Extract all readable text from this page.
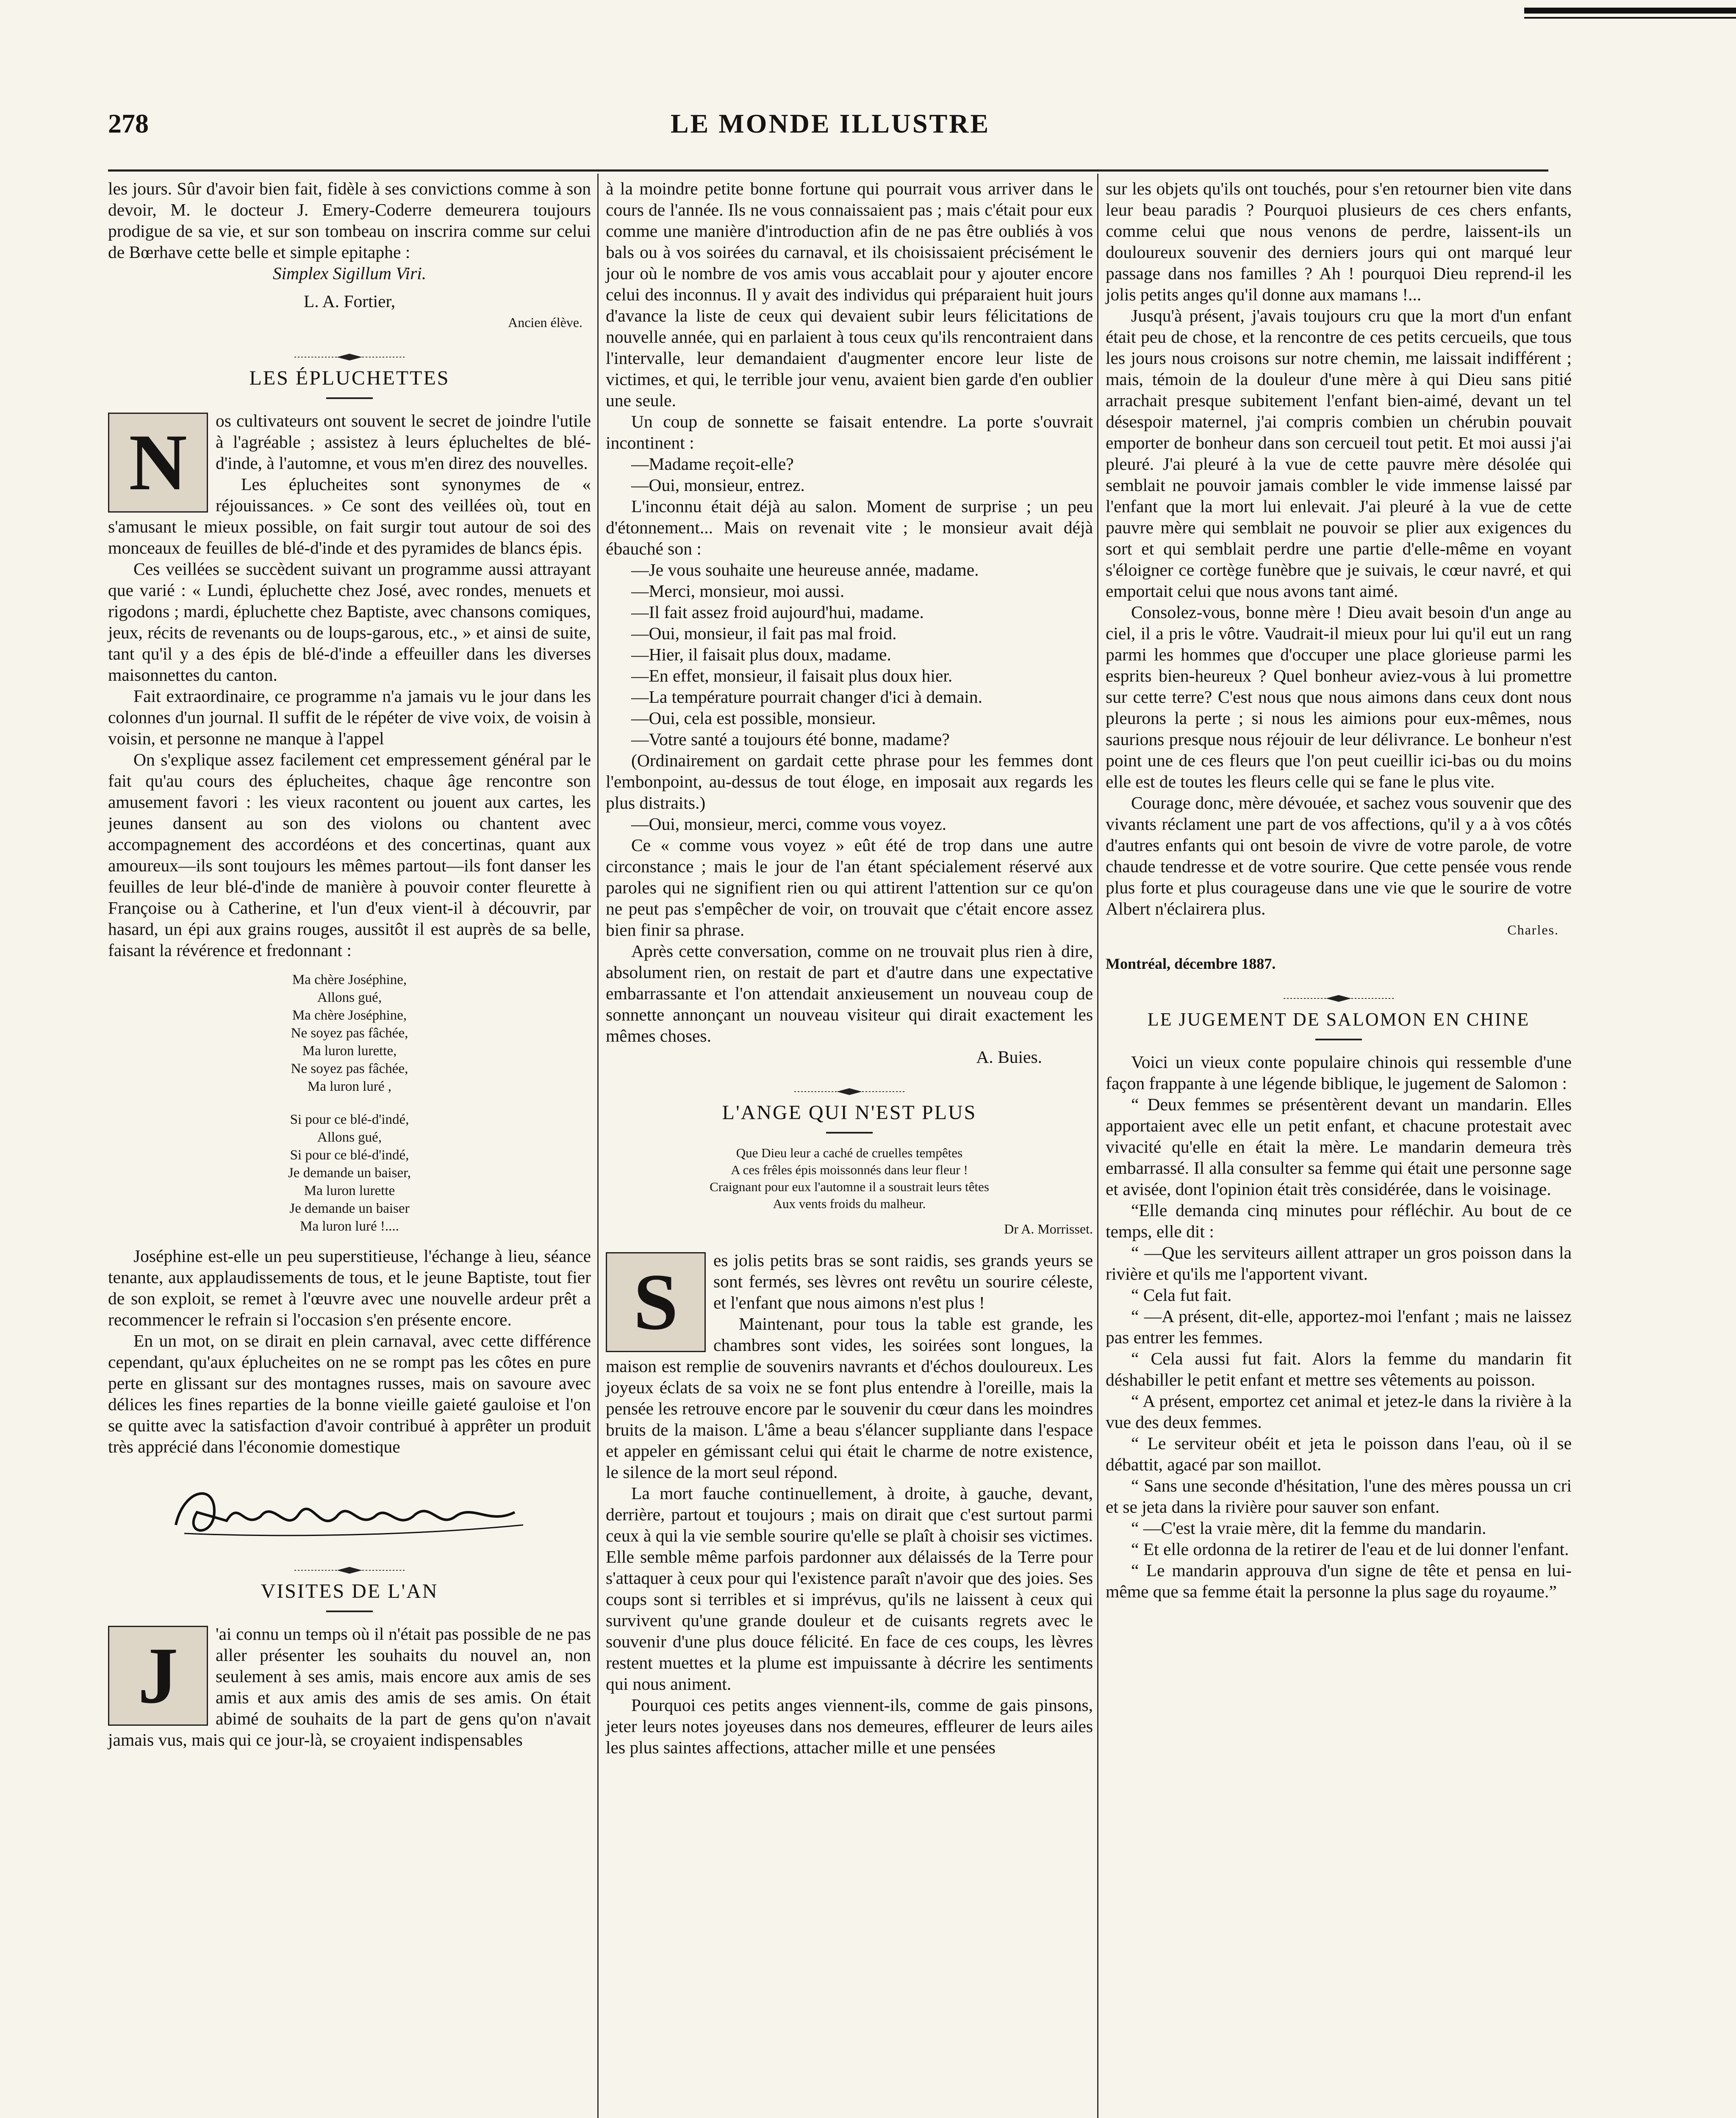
278	LE MONDE ILLUSTRE

les jours. Sûr d'avoir bien fait, fidèle à ses convictions comme à son devoir, M. le docteur J. Emery-Coderre demeurera toujours prodigue de sa vie, et sur son tombeau on inscrira comme sur celui de Bœrhave cette belle et simple epitaphe :

Simplex Sigillum Viri.

L. A. Fortier,

Ancien élève.

LES ÉPLUCHETTES
N	os cultivateurs ont souvent le secret de joindre l'utile à l'agréable ; assistez à leurs éplucheltes de blé-d'inde, à l'automne, et vous m'en direz des nouvelles.

Les éplucheites sont synonymes de « réjouissances. » Ce sont des veillées où, tout en s'amusant le mieux possible, on fait surgir tout autour de soi des monceaux de feuilles de blé-d'inde et des pyramides de blancs épis.

Ces veillées se succèdent suivant un programme aussi attrayant que varié : « Lundi, épluchette chez José, avec rondes, menuets et rigodons ; mardi, épluchette chez Baptiste, avec chansons comiques, jeux, récits de revenants ou de loups-garous, etc., » et ainsi de suite, tant qu'il y a des épis de blé-d'inde a effeuiller dans les diverses maisonnettes du canton.

Fait extraordinaire, ce programme n'a jamais vu le jour dans les colonnes d'un journal. Il suffit de le répéter de vive voix, de voisin à voisin, et personne ne manque à l'appel

On s'explique assez facilement cet empressement général par le fait qu'au cours des éplucheites, chaque âge rencontre son amusement favori : les vieux racontent ou jouent aux cartes, les jeunes dansent au son des violons ou chantent avec accompagnement des accordéons et des concertinas, quant aux amoureux—ils sont toujours les mêmes partout—ils font danser les feuilles de leur blé-d'inde de manière à pouvoir conter fleurette à Françoise ou à Catherine, et l'un d'eux vient-il à découvrir, par hasard, un épi aux grains rouges, aussitôt il est auprès de sa belle, faisant la révérence et fredonnant :

Ma chère Joséphine,
Allons gué,
Ma chère Joséphine,
Ne soyez pas fâchée,
Ma luron lurette,
Ne soyez pas fâchée,
Ma luron luré ,
Si pour ce blé-d'indé,
Allons gué,
Si pour ce blé-d'indé,
Je demande un baiser,
Ma luron lurette
Je demande un baiser
Ma luron luré !....

Joséphine est-elle un peu superstitieuse, l'échange à lieu, séance tenante, aux applaudissements de tous, et le jeune Baptiste, tout fier de son exploit, se remet à l'œuvre avec une nouvelle ardeur prêt a recommencer le refrain si l'occasion s'en présente encore.

En un mot, on se dirait en plein carnaval, avec cette différence cependant, qu'aux éplucheites on ne se rompt pas les côtes en pure perte en glissant sur des montagnes russes, mais on savoure avec délices les fines reparties de la bonne vieille gaieté gauloise et l'on se quitte avec la satisfaction d'avoir contribué à apprêter un produit très apprécié dans l'économie domestique

VISITES DE L'AN
J	'ai connu un temps où il n'était pas possible de ne pas aller présenter les souhaits du nouvel an, non seulement à ses amis, mais encore aux amis de ses amis et aux amis des amis de ses amis. On était abimé de souhaits de la part de gens qu'on n'avait jamais vus, mais qui ce jour-là, se croyaient indispensables

à la moindre petite bonne fortune qui pourrait vous arriver dans le cours de l'année. Ils ne vous connaissaient pas ; mais c'était pour eux comme une manière d'introduction afin de ne pas être oubliés à vos bals ou à vos soirées du carnaval, et ils choisissaient précisément le jour où le nombre de vos amis vous accablait pour y ajouter encore celui des inconnus. Il y avait des individus qui préparaient huit jours d'avance la liste de ceux qui devaient subir leurs félicitations de nouvelle année, qui en parlaient à tous ceux qu'ils rencontraient dans l'intervalle, leur demandaient d'augmenter encore leur liste de victimes, et qui, le terrible jour venu, avaient bien garde d'en oublier une seule.

Un coup de sonnette se faisait entendre. La porte s'ouvrait incontinent :

—Madame reçoit-elle?

—Oui, monsieur, entrez.

L'inconnu était déjà au salon. Moment de surprise ; un peu d'étonnement... Mais on revenait vite ; le monsieur avait déjà ébauché son :

—Je vous souhaite une heureuse année, madame.

—Merci, monsieur, moi aussi.

—Il fait assez froid aujourd'hui, madame.

—Oui, monsieur, il fait pas mal froid.

—Hier, il faisait plus doux, madame.

—En effet, monsieur, il faisait plus doux hier.

—La température pourrait changer d'ici à demain.

—Oui, cela est possible, monsieur.

—Votre santé a toujours été bonne, madame?

(Ordinairement on gardait cette phrase pour les femmes dont l'embonpoint, au-dessus de tout éloge, en imposait aux regards les plus distraits.)

—Oui, monsieur, merci, comme vous voyez.

Ce « comme vous voyez » eût été de trop dans une autre circonstance ; mais le jour de l'an étant spécialement réservé aux paroles qui ne signifient rien ou qui attirent l'attention sur ce qu'on ne peut pas s'empêcher de voir, on trouvait que c'était encore assez bien finir sa phrase.

Après cette conversation, comme on ne trouvait plus rien à dire, absolument rien, on restait de part et d'autre dans une expectative embarrassante et l'on attendait anxieusement un nouveau coup de sonnette annonçant un nouveau visiteur qui dirait exactement les mêmes choses.

A. Buies.

L'ANGE QUI N'EST PLUS
Que Dieu leur a caché de cruelles tempêtes
A ces frêles épis moissonnés dans leur fleur !
Craignant pour eux l'automne il a soustrait leurs têtes
Aux vents froids du malheur.
Dr A. Morrisset.
S	es jolis petits bras se sont raidis, ses grands yeurs se sont fermés, ses lèvres ont revêtu un sourire céleste, et l'enfant que nous aimons n'est plus !

Maintenant, pour tous la table est grande, les chambres sont vides, les soirées sont longues, la maison est remplie de souvenirs navrants et d'échos douloureux. Les joyeux éclats de sa voix ne se font plus entendre à l'oreille, mais la pensée les retrouve encore par le souvenir du cœur dans les moindres bruits de la maison. L'âme a beau s'élancer suppliante dans l'espace et appeler en gémissant celui qui était le charme de notre existence, le silence de la mort seul répond.

La mort fauche continuellement, à droite, à gauche, devant, derrière, partout et toujours ; mais on dirait que c'est surtout parmi ceux à qui la vie semble sourire qu'elle se plaît à choisir ses victimes. Elle semble même parfois pardonner aux délaissés de la Terre pour s'attaquer à ceux pour qui l'existence paraît n'avoir que des joies. Ses coups sont si terribles et si imprévus, qu'ils ne laissent à ceux qui survivent qu'une grande douleur et de cuisants regrets avec le souvenir d'une plus douce félicité. En face de ces coups, les lèvres restent muettes et la plume est impuissante à décrire les sentiments qui nous animent.

Pourquoi ces petits anges viennent-ils, comme de gais pinsons, jeter leurs notes joyeuses dans nos demeures, effleurer de leurs ailes les plus saintes affections, attacher mille et une pensées

sur les objets qu'ils ont touchés, pour s'en retourner bien vite dans leur beau paradis ? Pourquoi plusieurs de ces chers enfants, comme celui que nous venons de perdre, laissent-ils un douloureux souvenir des derniers jours qui ont marqué leur passage dans nos familles ? Ah ! pourquoi Dieu reprend-il les jolis petits anges qu'il donne aux mamans !...

Jusqu'à présent, j'avais toujours cru que la mort d'un enfant était peu de chose, et la rencontre de ces petits cercueils, que tous les jours nous croisons sur notre chemin, me laissait indifférent ; mais, témoin de la douleur d'une mère à qui Dieu sans pitié arrachait presque subitement l'enfant bien-aimé, devant un tel désespoir maternel, j'ai compris combien un chérubin pouvait emporter de bonheur dans son cercueil tout petit. Et moi aussi j'ai pleuré. J'ai pleuré à la vue de cette pauvre mère désolée qui semblait ne pouvoir jamais combler le vide immense laissé par l'enfant que la mort lui enlevait. J'ai pleuré à la vue de cette pauvre mère qui semblait ne pouvoir se plier aux exigences du sort et qui semblait perdre une partie d'elle-même en voyant s'éloigner ce cortège funèbre que je suivais, le cœur navré, et qui emportait celui que nous avons tant aimé.

Consolez-vous, bonne mère ! Dieu avait besoin d'un ange au ciel, il a pris le vôtre. Vaudrait-il mieux pour lui qu'il eut un rang parmi les hommes que d'occuper une place glorieuse parmi les esprits bien-heureux ? Quel bonheur aviez-vous à lui promettre sur cette terre? C'est nous que nous aimons dans ceux dont nous pleurons la perte ; si nous les aimions pour eux-mêmes, nous saurions presque nous réjouir de leur délivrance. Le bonheur n'est point une de ces fleurs que l'on peut cueillir ici-bas ou du moins elle est de toutes les fleurs celle qui se fane le plus vite.

Courage donc, mère dévouée, et sachez vous souvenir que des vivants réclament une part de vos affections, qu'il y a à vos côtés d'autres enfants qui ont besoin de vivre de votre parole, de votre chaude tendresse et de votre sourire. Que cette pensée vous rende plus forte et plus courageuse dans une vie que le sourire de votre Albert n'éclairera plus.

Charles.

Montréal, décembre 1887.

LE JUGEMENT DE SALOMON EN CHINE

Voici un vieux conte populaire chinois qui ressemble d'une façon frappante à une légende biblique, le jugement de Salomon :

“ Deux femmes se présentèrent devant un mandarin. Elles apportaient avec elle un petit enfant, et chacune protestait avec vivacité qu'elle en était la mère. Le mandarin demeura très embarrassé. Il alla consulter sa femme qui était une personne sage et avisée, dont l'opinion était très considérée, dans le voisinage.

“Elle demanda cinq minutes pour réfléchir. Au bout de ce temps, elle dit :

“ —Que les serviteurs aillent attraper un gros poisson dans la rivière et qu'ils me l'apportent vivant.

“ Cela fut fait.

“ —A présent, dit-elle, apportez-moi l'enfant ; mais ne laissez pas entrer les femmes.

“ Cela aussi fut fait. Alors la femme du mandarin fit déshabiller le petit enfant et mettre ses vêtements au poisson.

“ A présent, emportez cet animal et jetez-le dans la rivière à la vue des deux femmes.

“ Le serviteur obéit et jeta le poisson dans l'eau, où il se débattit, agacé par son maillot.

“ Sans une seconde d'hésitation, l'une des mères poussa un cri et se jeta dans la rivière pour sauver son enfant.

“ —C'est la vraie mère, dit la femme du mandarin.

“ Et elle ordonna de la retirer de l'eau et de lui donner l'enfant.

“ Le mandarin approuva d'un signe de tête et pensa en lui-même que sa femme était la personne la plus sage du royaume.”
